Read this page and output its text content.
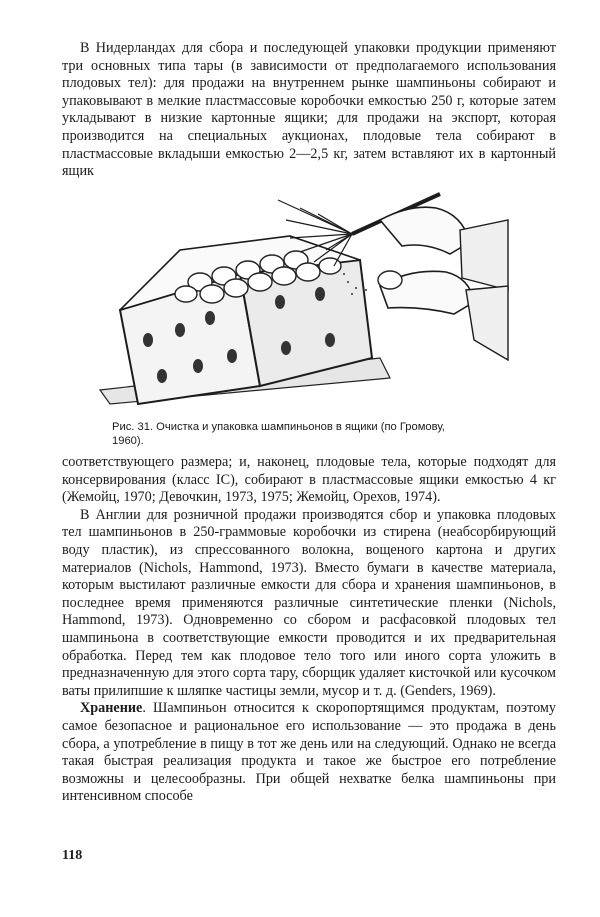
В Нидерландах для сбора и последующей упаковки продукции применяют три основных типа тары (в зависимости от предполагаемого использования плодовых тел): для продажи на внутреннем рынке шампиньоны собирают и упаковывают в мелкие пластмассовые коробочки емкостью 250 г, которые затем укладывают в низкие картонные ящики; для продажи на экспорт, которая производится на специальных аукционах, плодовые тела собирают в пластмассовые вкладыши емкостью 2—2,5 кг, затем вставляют их в картонный ящик

Рис. 31. Очистка и упаковка шампиньонов в ящики (по Громову, 1960).

соответствующего размера; и, наконец, плодовые тела, которые подходят для консервирования (класс IC), собирают в пластмассовые ящики емкостью 4 кг (Жемойц, 1970; Девочкин, 1973, 1975; Жемойц, Орехов, 1974).

В Англии для розничной продажи производятся сбор и упаковка плодовых тел шампиньонов в 250-граммовые коробочки из стирена (неабсорбирующий воду пластик), из спрессованного волокна, вощеного картона и других материалов (Nichols, Hammond, 1973). Вместо бумаги в качестве материала, которым выстилают различные емкости для сбора и хранения шампиньонов, в последнее время применяются различные синтетические пленки (Nichols, Hammond, 1973). Одновременно со сбором и расфасовкой плодовых тел шампиньона в соответствующие емкости проводится и их предварительная обработка. Перед тем как плодовое тело того или иного сорта уложить в предназначенную для этого сорта тару, сборщик удаляет кисточкой или кусочком ваты прилипшие к шляпке частицы земли, мусор и т. д. (Genders, 1969).

Хранение. Шампиньон относится к скоропортящимся продуктам, поэтому самое безопасное и рациональное его использование — это продажа в день сбора, а употребление в пищу в тот же день или на следующий. Однако не всегда такая быстрая реализация продукта и такое же быстрое его потребление возможны и целесообразны. При общей нехватке белка шампиньоны при интенсивном способе

118
